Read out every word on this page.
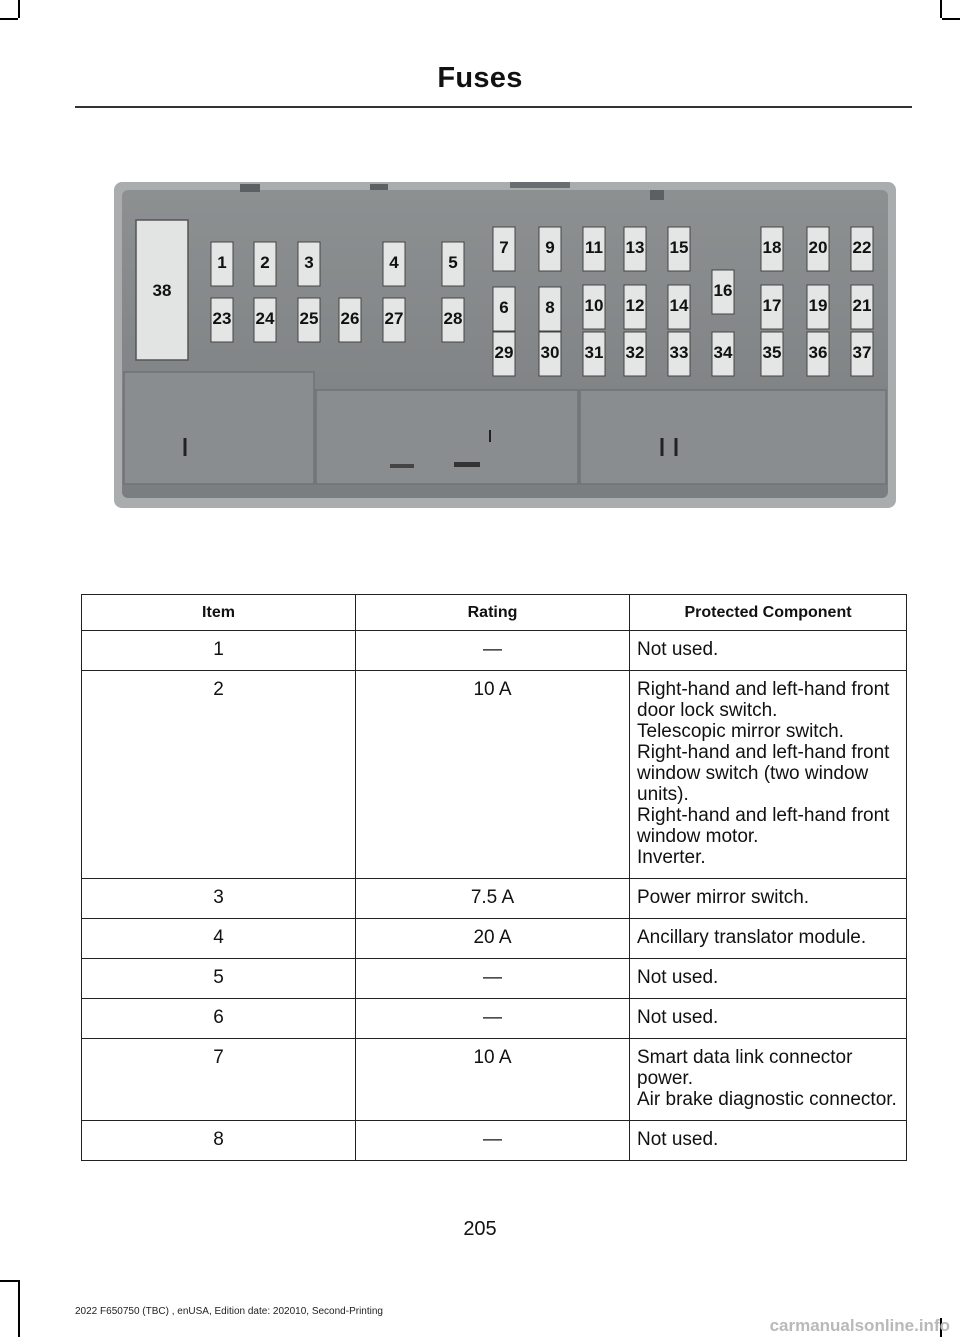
Fuses
1 2 3	4	5
6
7
8
9
10
11
12
13
14
15
16
17
18
19
20
21
22
23 24 25 26 27 28
29 30 31 32 33 34 35 36 37
38
Item	Rating	Protected Component
1	—	Not used.

2	10 A	Right-hand and left-hand front door lock switch.
Telescopic mirror switch.
Right-hand and left-hand front window switch (two window units).
Right-hand and left-hand front window motor.
Inverter.

3	7.5 A	Power mirror switch.

4	20 A	Ancillary translator module.

5	—	Not used.

6	—	Not used.

7	10 A	Smart data link connector power.
Air brake diagnostic connector.

8	—	Not used.
205
2022 F650750 (TBC) , enUSA, Edition date: 202010, Second-Printing
carmanualsonline.info
